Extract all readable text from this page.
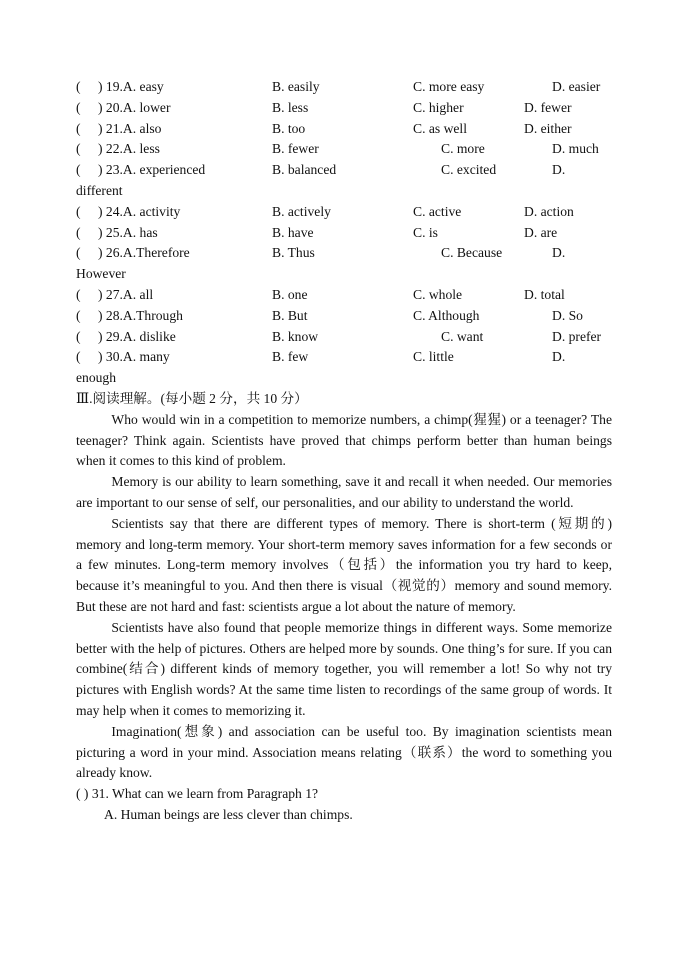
( ) 19.A. easy	B. easily	C. more easy	D. easier
( ) 20.A. lower	B. less	C. higher	D. fewer
( ) 21.A. also	B. too	C. as well	D. either
( ) 22.A. less	B. fewer	C. more	D. much
( ) 23.A. experienced	B. balanced	C. excited	D.
different
( ) 24.A. activity	B. actively	C. active	D. action
( ) 25.A. has	B. have	C. is	D. are
( ) 26.A.Therefore	B. Thus	C. Because	D.
However
( ) 27.A. all	B. one	C. whole	D. total
( ) 28.A.Through	B. But	C. Although	D. So
( ) 29.A. dislike	B. know	C. want	D. prefer
( ) 30.A. many	B. few	C. little	D.
enough
Ⅲ.阅读理解。(每小题 2 分，共 10 分）

Who would win in a competition to memorize numbers, a chimp(猩猩) or a teenager? The teenager? Think again. Scientists have proved that chimps perform better than human beings when it comes to this kind of problem.

Memory is our ability to learn something, save it and recall it when needed. Our memories are important to our sense of self, our personalities, and our ability to understand the world.

Scientists say that there are different types of memory. There is short-term (短期的) memory and long-term memory. Your short-term memory saves information for a few seconds or a few minutes. Long-term memory involves（包括）the information you try hard to keep, because it’s meaningful to you. And then there is visual（视觉的）memory and sound memory. But these are not hard and fast: scientists argue a lot about the nature of memory.

Scientists have also found that people memorize things in different ways. Some memorize better with the help of pictures. Others are helped more by sounds. One thing’s for sure. If you can combine(结合) different kinds of memory together, you will remember a lot! So why not try pictures with English words? At the same time listen to recordings of the same group of words. It may help when it comes to memorizing it.

Imagination(想象) and association can be useful too. By imagination scientists mean picturing a word in your mind. Association means relating（联系）the word to something you already know.

( ) 31. What can we learn from Paragraph 1?
A. Human beings are less clever than chimps.
